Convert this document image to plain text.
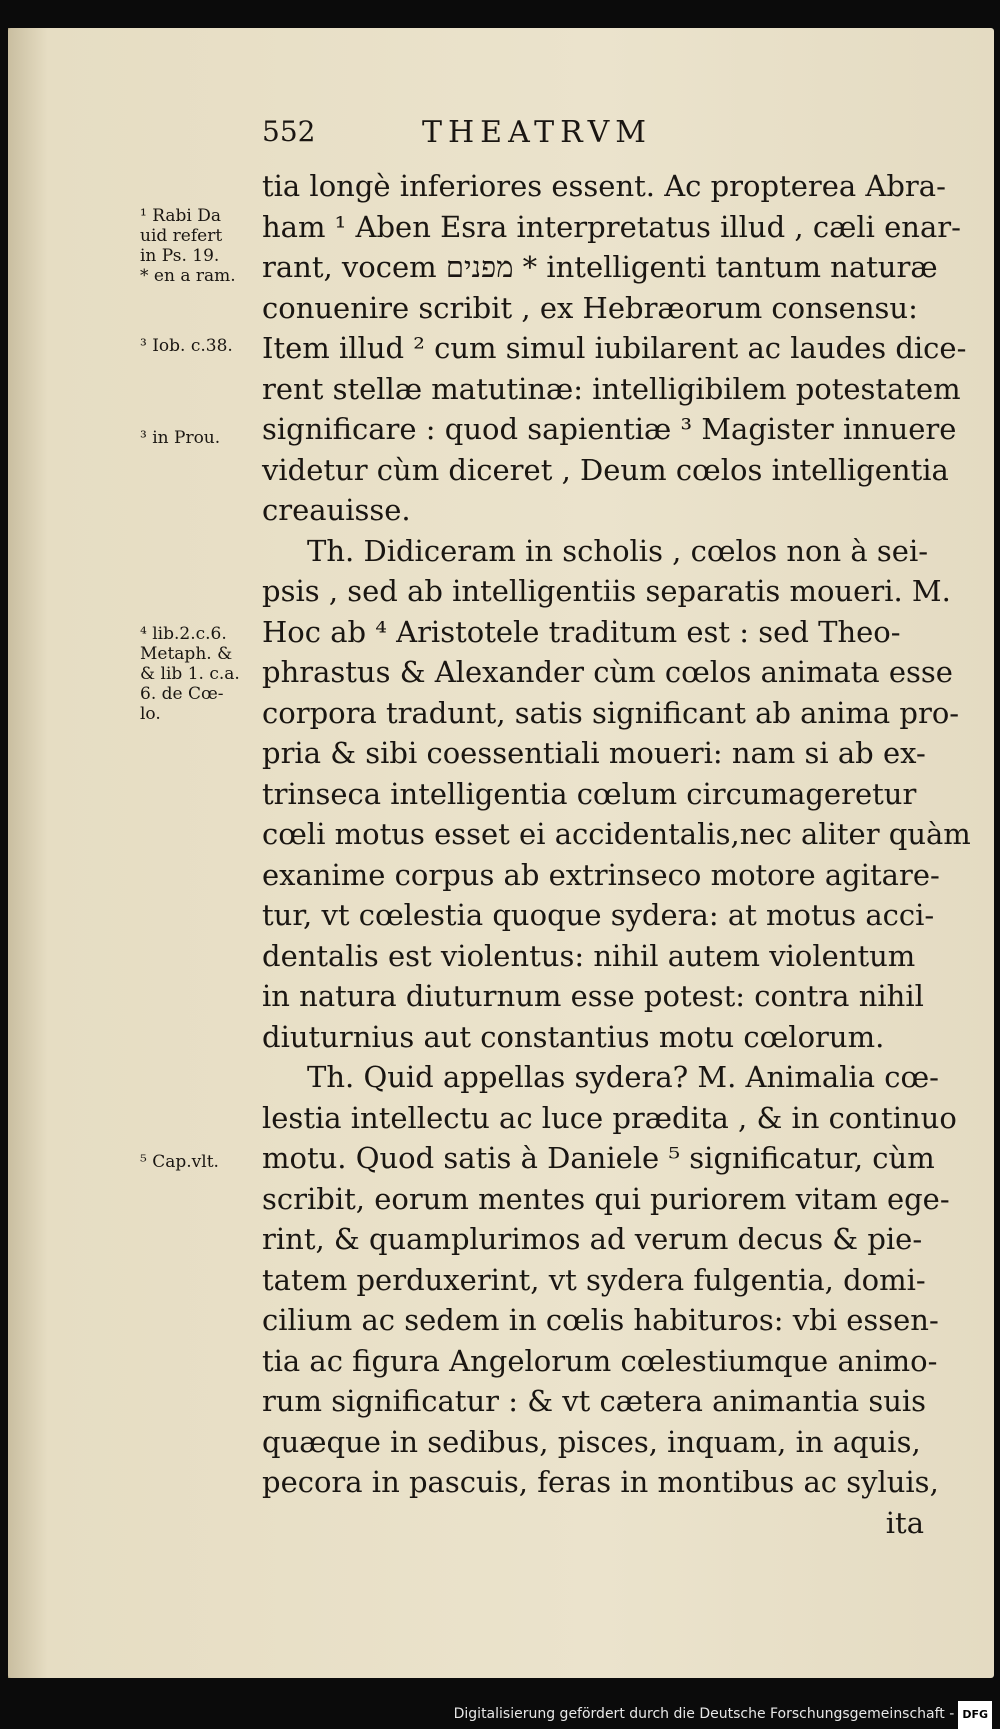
552	THEATRVM
¹ Rabi Da
uid refert
in Ps. 19.
* en a ram.
³ Iob. c.38.
³ in Prou.
⁴ lib.2.c.6.
Metaph. &
& lib 1. c.a.
6. de Cœ-
lo.
⁵ Cap.vlt.
tia longè inferiores essent. Ac propterea Abra-
ham ¹ Aben Esra interpretatus illud , cæli enar-
rant, vocem מפנים * intelligenti tantum naturæ
conuenire scribit , ex Hebræorum consensu:
Item illud ² cum simul iubilarent ac laudes dice-
rent stellæ matutinæ: intelligibilem potestatem
significare : quod sapientiæ ³ Magister innuere
videtur cùm diceret , Deum cœlos intelligentia
creauisse.
Th. Didiceram in scholis , cœlos non à sei-
psis , sed ab intelligentiis separatis moueri. M.
Hoc ab ⁴ Aristotele traditum est : sed Theo-
phrastus & Alexander cùm cœlos animata esse
corpora tradunt, satis significant ab anima pro-
pria & sibi coessentiali moueri: nam si ab ex-
trinseca intelligentia cœlum circumageretur
cœli motus esset ei accidentalis,nec aliter quàm
exanime corpus ab extrinseco motore agitare-
tur, vt cœlestia quoque sydera: at motus acci-
dentalis est violentus: nihil autem violentum
in natura diuturnum esse potest: contra nihil
diuturnius aut constantius motu cœlorum.
Th. Quid appellas sydera? M. Animalia cœ-
lestia intellectu ac luce prædita , & in continuo
motu. Quod satis à Daniele ⁵ significatur, cùm
scribit, eorum mentes qui puriorem vitam ege-
rint, & quamplurimos ad verum decus & pie-
tatem perduxerint, vt sydera fulgentia, domi-
cilium ac sedem in cœlis habituros: vbi essen-
tia ac figura Angelorum cœlestiumque animo-
rum significatur : & vt cætera animantia suis
quæque in sedibus, pisces, inquam, in aquis,
pecora in pascuis, feras in montibus ac syluis,
ita
Digitalisierung gefördert durch die Deutsche Forschungsgemeinschaft - DFG
